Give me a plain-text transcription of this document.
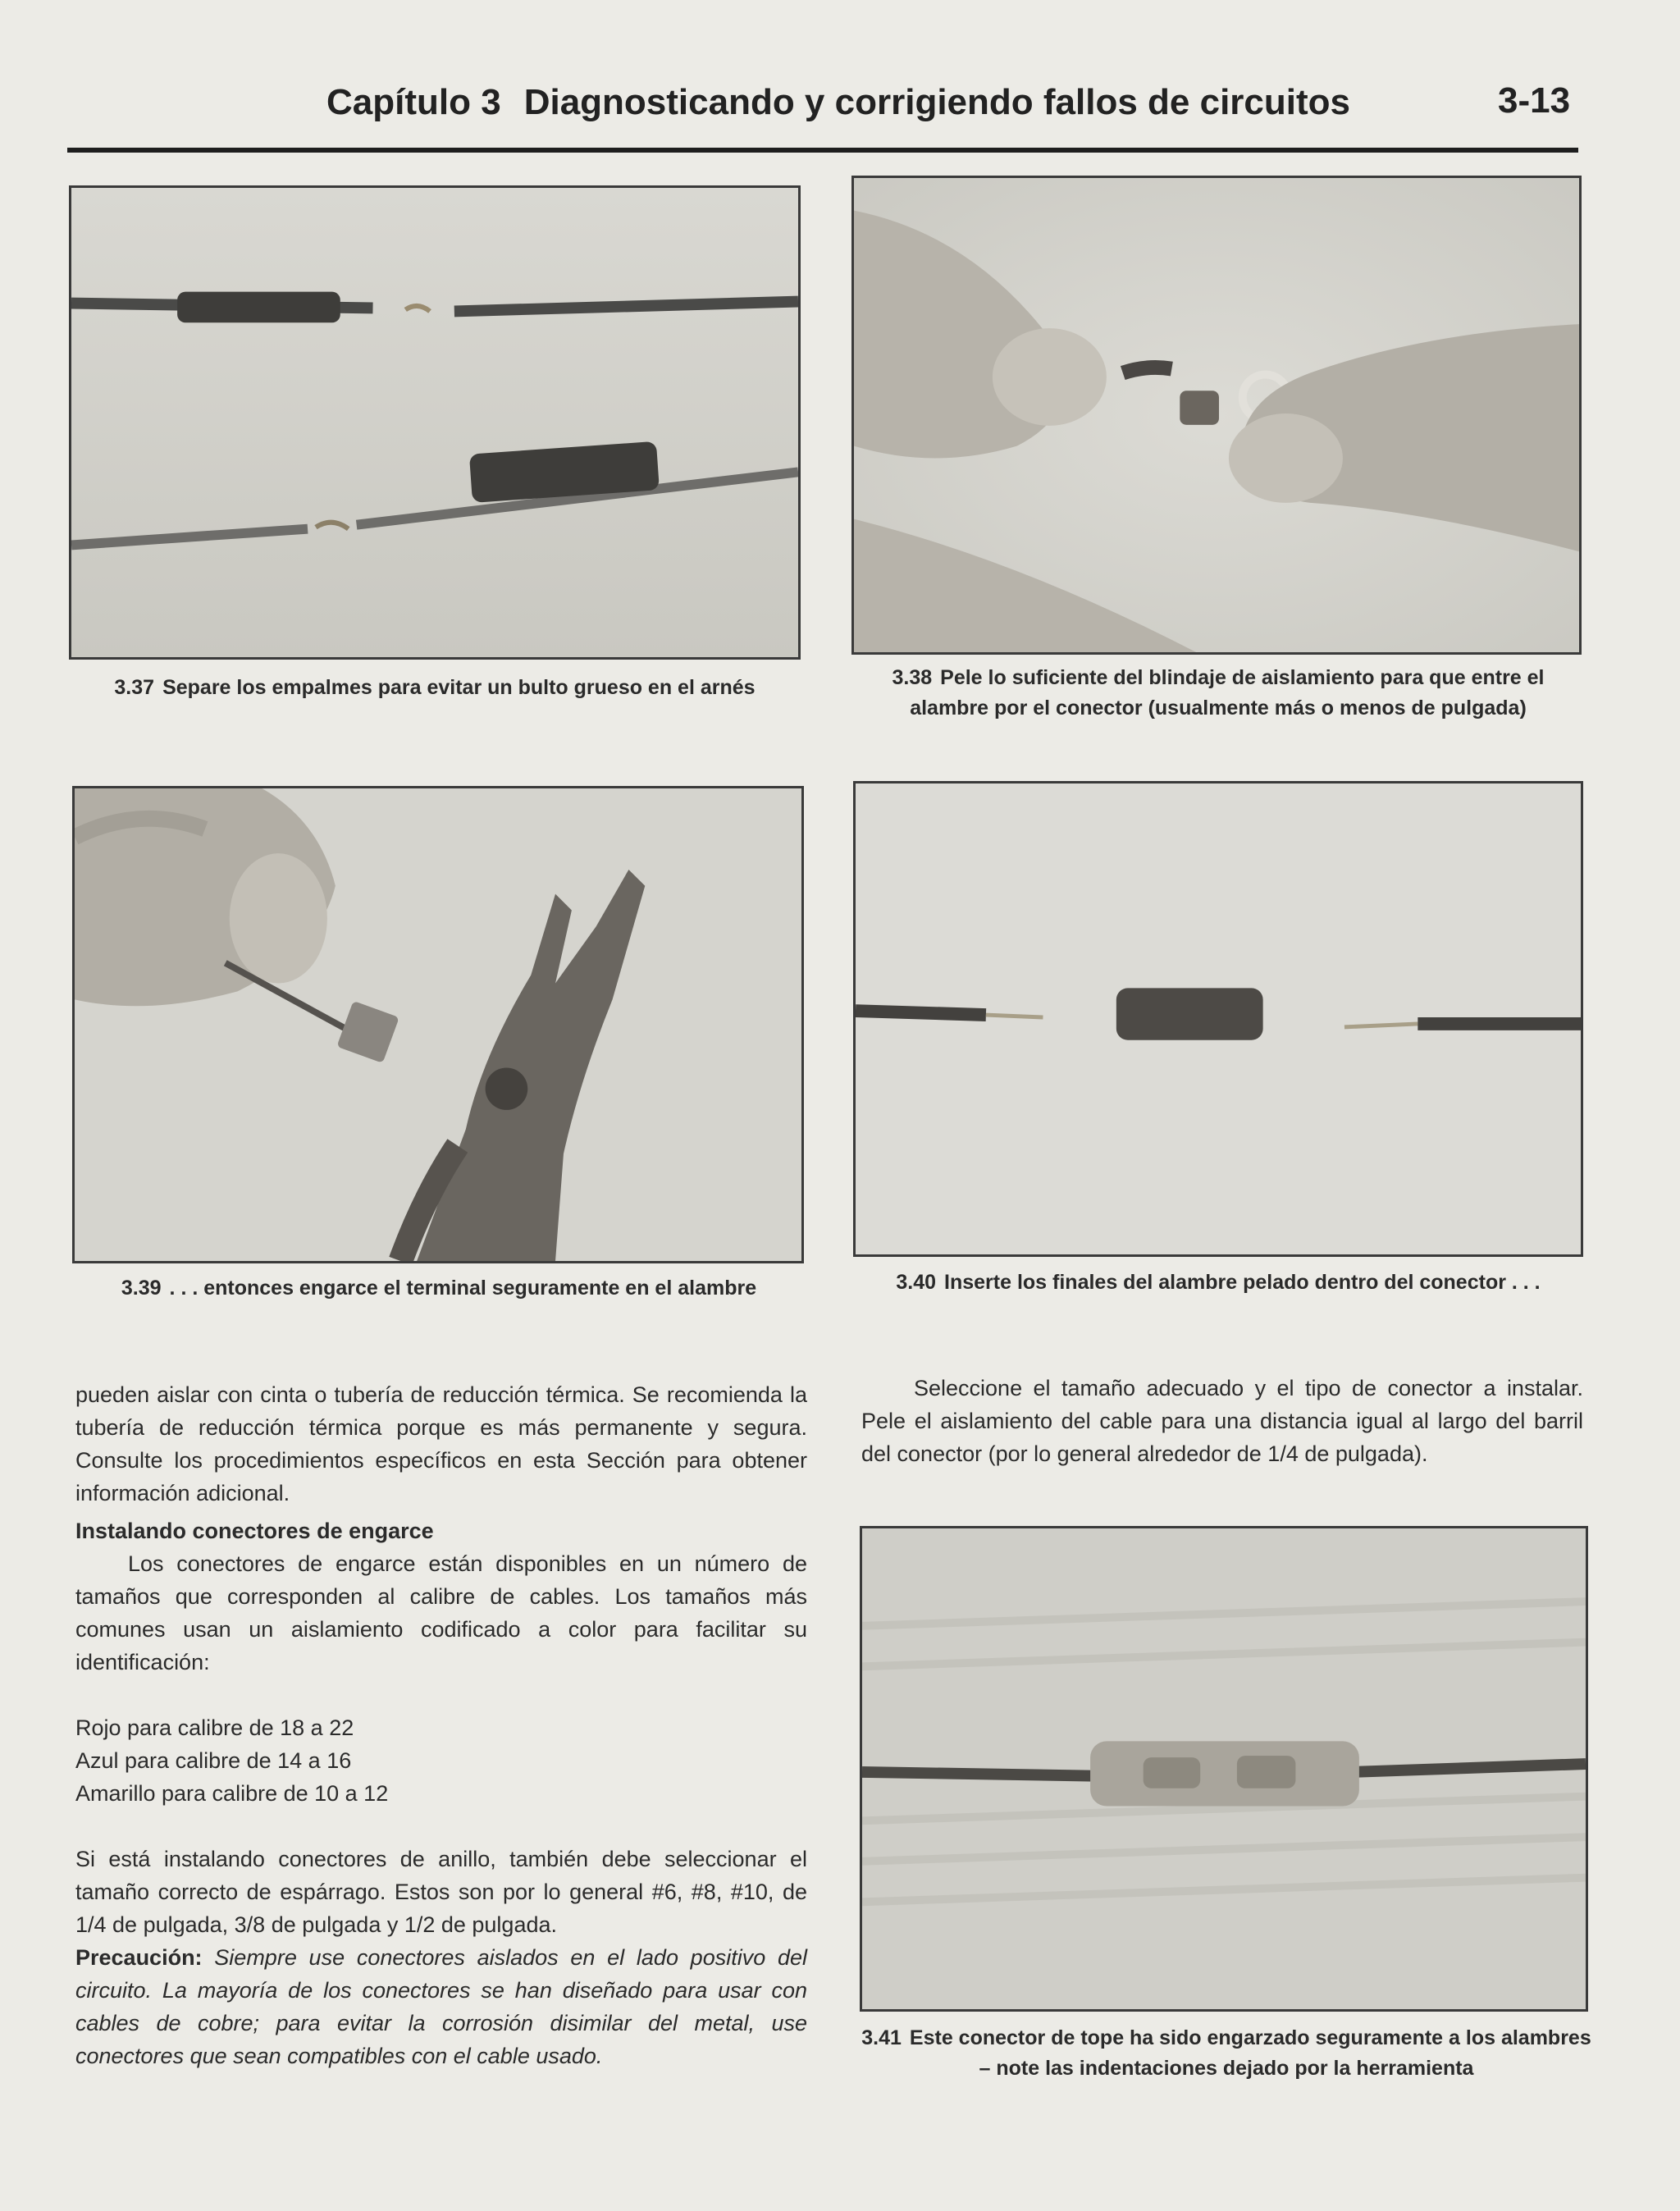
Capítulo 3 Diagnosticando y corrigiendo fallos de circuitos	3-13
3.37 Separe los empalmes para evitar un bulto grueso en el arnés	3.38 Pele lo suficiente del blindaje de aislamiento para que entre el alambre por el conector (usualmente más o menos de pulgada)
3.39 . . . entonces engarce el terminal seguramente en el alambre	3.40 Inserte los finales del alambre pelado dentro del conector . . .
pueden aislar con cinta o tubería de reducción térmica. Se recomienda la tubería de reducción térmica porque es más permanente y segura. Consulte los procedimientos específicos en esta Sección para obtener información adicional.
Instalando conectores de engarce
Los conectores de engarce están disponibles en un número de tamaños que corresponden al calibre de cables. Los tamaños más comunes usan un aislamiento codificado a color para facilitar su identificación:
Rojo para calibre de 18 a 22
Azul para calibre de 14 a 16
Amarillo para calibre de 10 a 12
Si está instalando conectores de anillo, también debe seleccionar el tamaño correcto de espárrago. Estos son por lo general #6, #8, #10, de 1/4 de pulgada, 3/8 de pulgada y 1/2 de pulgada.
Precaución: Siempre use conectores aislados en el lado positivo del circuito. La mayoría de los conectores se han diseñado para usar con cables de cobre; para evitar la corrosión disimilar del metal, use conectores que sean compatibles con el cable usado.
Seleccione el tamaño adecuado y el tipo de conector a instalar. Pele el aislamiento del cable para una distancia igual al largo del barril del conector (por lo general alrededor de 1/4 de pulgada).
3.41 Este conector de tope ha sido engarzado seguramente a los alambres – note las indentaciones dejado por la herramienta
